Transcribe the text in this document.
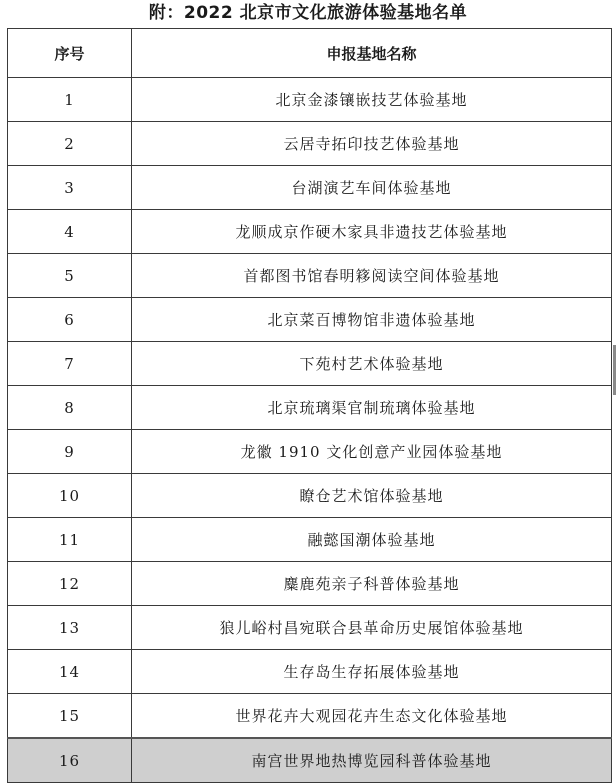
附：2022 北京市文化旅游体验基地名单
序号	申报基地名称
1	北京金漆镶嵌技艺体验基地
2	云居寺拓印技艺体验基地
3	台湖演艺车间体验基地
4	龙顺成京作硬木家具非遗技艺体验基地
5	首都图书馆春明簃阅读空间体验基地
6	北京菜百博物馆非遗体验基地
7	下苑村艺术体验基地
8	北京琉璃渠官制琉璃体验基地
9	龙徽 1910 文化创意产业园体验基地
10	瞭仓艺术馆体验基地
11	融懿国潮体验基地
12	麋鹿苑亲子科普体验基地
13	狼儿峪村昌宛联合县革命历史展馆体验基地
14	生存岛生存拓展体验基地
15	世界花卉大观园花卉生态文化体验基地
16	南宫世界地热博览园科普体验基地
